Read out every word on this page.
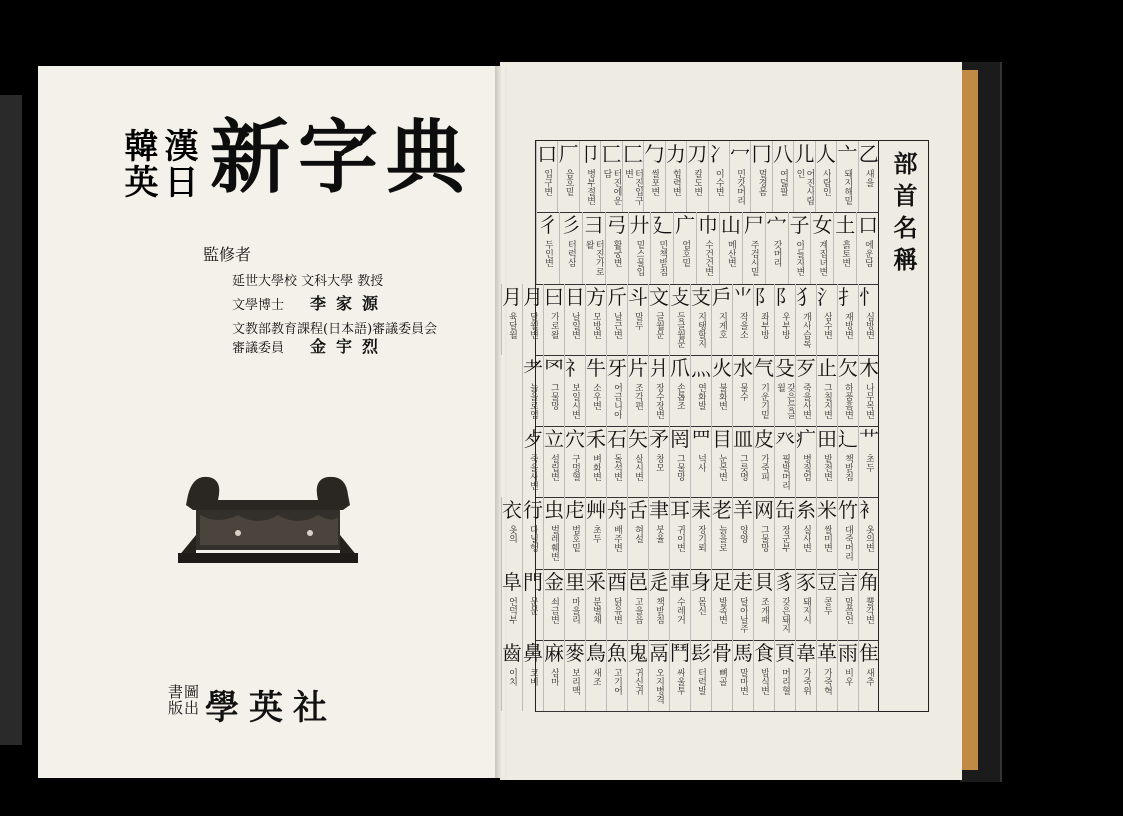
漢日
韓英 新字典
監修者
延世大學校 文科大學 教授
文學博士 李家源
文教部教育課程(日本語)審議委員会
審議委員 金宇烈
書 圖
版 出 學英社
部首名稱
乙
새을
亠
돼지해밑
人
사람인
儿
어진사람인
八
여덟팔
冂
멀경몸
冖
민갓머리
冫
이수변
刀
칼도변
力
힘력변
勹
쌀포변
匚
터진입구변
匸
터진에운담
卩
병부절변
厂
음호밑
口
입구변
口
에운담
土
흙토변
女
계집녀변
子
아들자변
宀
갓머리
尸
주검시밑
山
메산변
巾
수건건변
广
엄호밑
廴
민책받침
廾
밑스물입
弓
활궁변
彐
터진가로왈
彡
터럭삼
彳
두인변
忄
심방변
扌
재방변
氵
삼수변
犭
개사슴록
阝
우부방
阝
좌부방
⺌
작을소
戶
지게호
支
지탱할지
攴
등글월문
文
글월문
斗
말두
斤
날근변
方
모방변
日
날일변
曰
가로왈
月
달월변
月
육달월
木
나무목변
欠
하품흠변
止
그칠지변
歹
죽을사변
殳
갖은등글월
气
기운기밑
水
물수
火
불화변
灬
연화발
爪
손톱조
爿
장수장변
片
조각편
牙
어금니아
牛
소우변
礻
보일시변
罓
그물망
耂
늙을로엄
艹
초두
辶
책받침
田
밭전변
疒
병질엄
癶
필발머리
皮
가죽피
皿
그릇명
目
눈목변
罒
넉사
罔
그물망
矛
창모
矢
살시변
石
돌석변
禾
벼화변
穴
구멍혈
立
설립변
歺
죽을사변
衤
옷의변
竹
대죽머리
米
쌀미변
糸
실사변
缶
장군부
网
그물망
羊
양양
老
늙을로
耒
장기뢰
耳
귀이변
聿
붓율
舌
혀설
舟
배주변
艸
초두
虍
범호밑
虫
벌레훼변
行
다닐행
衣
옷의
角
뿔각변
言
말씀언
豆
콩두
豕
돼지시
豸
갖은돼지
貝
조개패
走
달아날주
足
발족변
身
몸신
車
수레거
辵
책받침
邑
고을읍
酉
닭유변
釆
분별채
里
마을리
金
쇠금변
門
문문
阜
언덕부
隹
새추
雨
비우
革
가죽혁
韋
가죽위
頁
머리혈
食
밥식변
馬
말마변
骨
뼈골
髟
터럭발
鬥
싸울투
鬲
오지병격
鬼
귀신귀
魚
고기어
鳥
새조
麥
보리맥
麻
삼마
鼻
코비
齒
이치
